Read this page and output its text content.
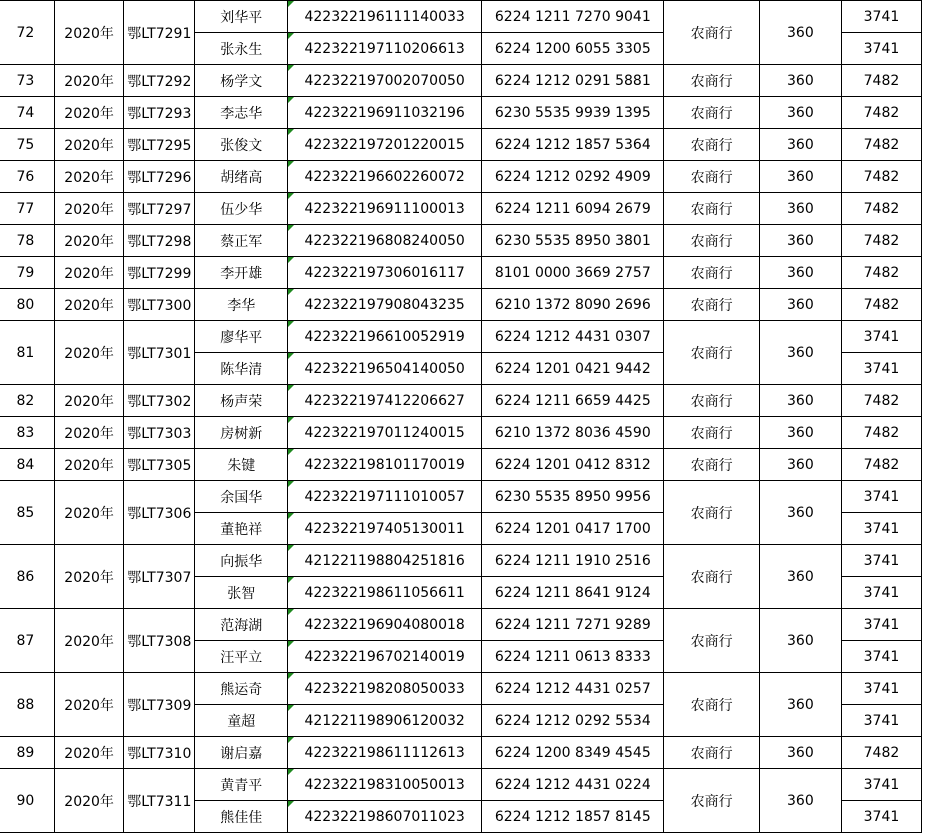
72	2020年	鄂LT7291	刘华平	422322196111140033	6224 1211 7270 9041	农商行	360	3741
			张永生	422322197110206613	6224 1200 6055 3305			3741
73	2020年	鄂LT7292	杨学文	422322197002070050	6224 1212 0291 5881	农商行	360	7482
74	2020年	鄂LT7293	李志华	422322196911032196	6230 5535 9939 1395	农商行	360	7482
75	2020年	鄂LT7295	张俊文	422322197201220015	6224 1212 1857 5364	农商行	360	7482
76	2020年	鄂LT7296	胡绪高	422322196602260072	6224 1212 0292 4909	农商行	360	7482
77	2020年	鄂LT7297	伍少华	422322196911100013	6224 1211 6094 2679	农商行	360	7482
78	2020年	鄂LT7298	蔡正军	422322196808240050	6230 5535 8950 3801	农商行	360	7482
79	2020年	鄂LT7299	李开雄	422322197306016117	8101 0000 3669 2757	农商行	360	7482
80	2020年	鄂LT7300	李华	422322197908043235	6210 1372 8090 2696	农商行	360	7482
81	2020年	鄂LT7301	廖华平	422322196610052919	6224 1212 4431 0307	农商行	360	3741
			陈华清	422322196504140050	6224 1201 0421 9442			3741
82	2020年	鄂LT7302	杨声荣	422322197412206627	6224 1211 6659 4425	农商行	360	7482
83	2020年	鄂LT7303	房树新	422322197011240015	6210 1372 8036 4590	农商行	360	7482
84	2020年	鄂LT7305	朱键	422322198101170019	6224 1201 0412 8312	农商行	360	7482
85	2020年	鄂LT7306	余国华	422322197111010057	6230 5535 8950 9956	农商行	360	3741
			董艳祥	422322197405130011	6224 1201 0417 1700			3741
86	2020年	鄂LT7307	向振华	421221198804251816	6224 1211 1910 2516	农商行	360	3741
			张智	422322198611056611	6224 1211 8641 9124			3741
87	2020年	鄂LT7308	范海湖	422322196904080018	6224 1211 7271 9289	农商行	360	3741
			汪平立	422322196702140019	6224 1211 0613 8333			3741
88	2020年	鄂LT7309	熊运奇	422322198208050033	6224 1212 4431 0257	农商行	360	3741
			童超	421221198906120032	6224 1212 0292 5534			3741
89	2020年	鄂LT7310	谢启嘉	422322198611112613	6224 1200 8349 4545	农商行	360	7482
90	2020年	鄂LT7311	黄青平	422322198310050013	6224 1212 4431 0224	农商行	360	3741
			熊佳佳	422322198607011023	6224 1212 1857 8145			3741
